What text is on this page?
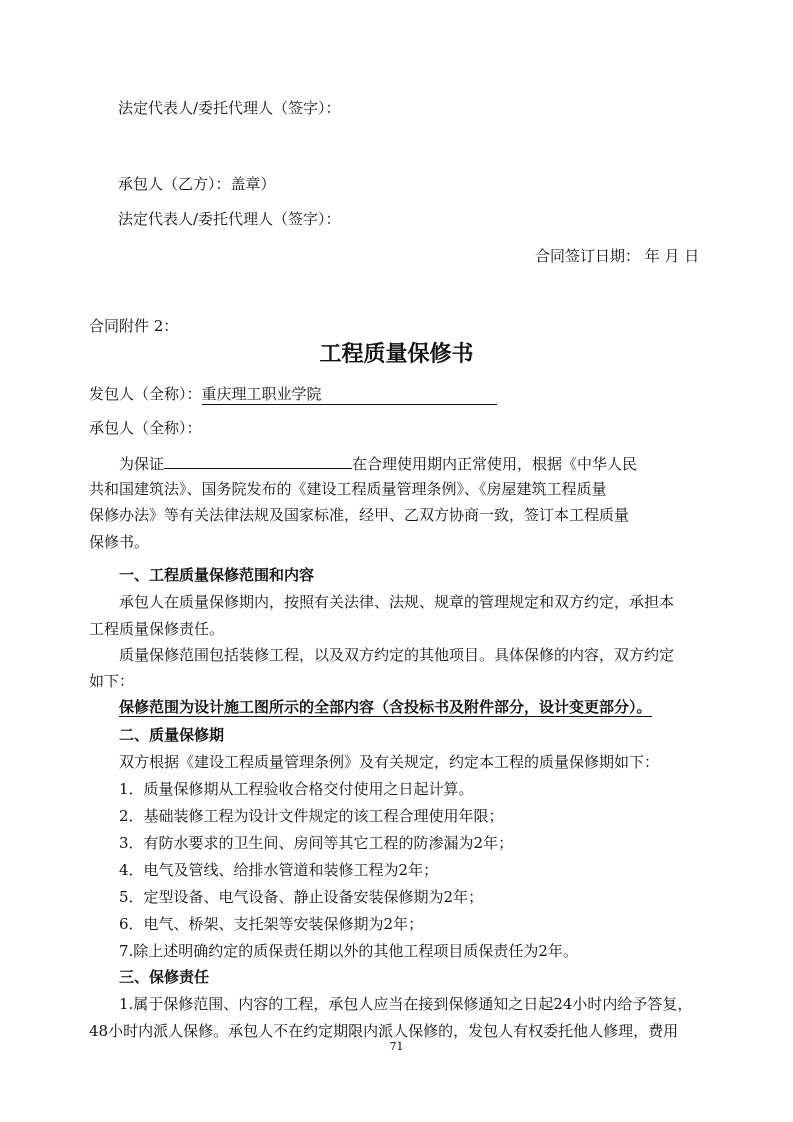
法定代表人/委托代理人（签字）：
承包人（乙方）：盖章）
法定代表人/委托代理人（签字）：
合同签订日期： 年 月 日
合同附件 2：
工程质量保修书
发包人（全称）：重庆理工职业学院
承包人（全称）：
为保证	在合理使用期内正常使用，根据《中华人民
共和国建筑法》、国务院发布的《建设工程质量管理条例》、《房屋建筑工程质量
保修办法》等有关法律法规及国家标准，经甲、乙双方协商一致，签订本工程质量
保修书。
一、工程质量保修范围和内容
承包人在质量保修期内，按照有关法律、法规、规章的管理规定和双方约定，承担本
工程质量保修责任。
质量保修范围包括装修工程，以及双方约定的其他项目。具体保修的内容，双方约定
如下：
保修范围为设计施工图所示的全部内容（含投标书及附件部分，设计变更部分）。
二、质量保修期
双方根据《建设工程质量管理条例》及有关规定，约定本工程的质量保修期如下：
1．质量保修期从工程验收合格交付使用之日起计算。
2．基础装修工程为设计文件规定的该工程合理使用年限；
3．有防水要求的卫生间、房间等其它工程的防渗漏为2年；
4．电气及管线、给排水管道和装修工程为2年；
5．定型设备、电气设备、静止设备安装保修期为2年；
6．电气、桥架、支托架等安装保修期为2年；
7.除上述明确约定的质保责任期以外的其他工程项目质保责任为2年。
三、保修责任
1.属于保修范围、内容的工程，承包人应当在接到保修通知之日起24小时内给予答复，
48小时内派人保修。承包人不在约定期限内派人保修的，发包人有权委托他人修理，费用
71
